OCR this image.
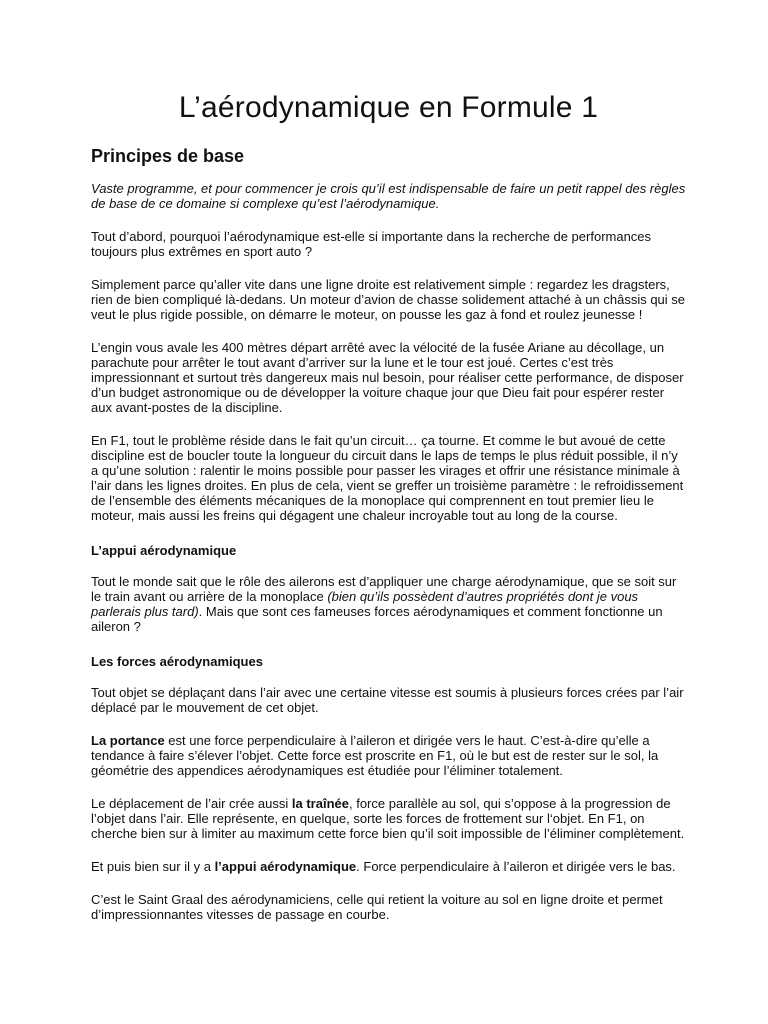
L’aérodynamique en Formule 1
Principes de base

Vaste programme, et pour commencer je crois qu’il est indispensable de faire un petit rappel des règles de base de ce domaine si complexe qu’est l’aérodynamique.

Tout d’abord, pourquoi l’aérodynamique est-elle si importante dans la recherche de performances toujours plus extrêmes en sport auto ?

Simplement parce qu’aller vite dans une ligne droite est relativement simple : regardez les dragsters, rien de bien compliqué là-dedans. Un moteur d’avion de chasse solidement attaché à un châssis qui se veut le plus rigide possible, on démarre le moteur, on pousse les gaz à fond et roulez jeunesse !

L’engin vous avale les 400 mètres départ arrêté avec la vélocité de la fusée Ariane au décollage, un parachute pour arrêter le tout avant d’arriver sur la lune et le tour est joué. Certes c’est très impressionnant et surtout très dangereux mais nul besoin, pour réaliser cette performance, de disposer d’un budget astronomique ou de développer la voiture chaque jour que Dieu fait pour espérer rester aux avant-postes de la discipline.

En F1, tout le problème réside dans le fait qu’un circuit… ça tourne. Et comme le but avoué de cette discipline est de boucler toute la longueur du circuit dans le laps de temps le plus réduit possible, il n’y a qu’une solution : ralentir le moins possible pour passer les virages et offrir une résistance minimale à l’air dans les lignes droites. En plus de cela, vient se greffer un troisième paramètre : le refroidissement de l’ensemble des éléments mécaniques de la monoplace qui comprennent en tout premier lieu le moteur, mais aussi les freins qui dégagent une chaleur incroyable tout au long de la course.

L’appui aérodynamique

Tout le monde sait que le rôle des ailerons est d’appliquer une charge aérodynamique, que se soit sur le train avant ou arrière de la monoplace (bien qu’ils possèdent d’autres propriétés dont je vous parlerais plus tard). Mais que sont ces fameuses forces aérodynamiques et comment fonctionne un aileron ?

Les forces aérodynamiques

Tout objet se déplaçant dans l’air avec une certaine vitesse est soumis à plusieurs forces crées par l’air déplacé par le mouvement de cet objet.

La portance est une force perpendiculaire à l’aileron et dirigée vers le haut. C’est-à-dire qu’elle a tendance à faire s’élever l’objet. Cette force est proscrite en F1, où le but est de rester sur le sol, la géométrie des appendices aérodynamiques est étudiée pour l’éliminer totalement.

Le déplacement de l’air crée aussi la traînée, force parallèle au sol, qui s’oppose à la progression de l’objet dans l’air. Elle représente, en quelque, sorte les forces de frottement sur l‘objet. En F1, on cherche bien sur à limiter au maximum cette force bien qu’il soit impossible de l’éliminer complètement.

Et puis bien sur il y a l’appui aérodynamique. Force perpendiculaire à l’aileron et dirigée vers le bas.

C’est le Saint Graal des aérodynamiciens, celle qui retient la voiture au sol en ligne droite et permet d’impressionnantes vitesses de passage en courbe.
